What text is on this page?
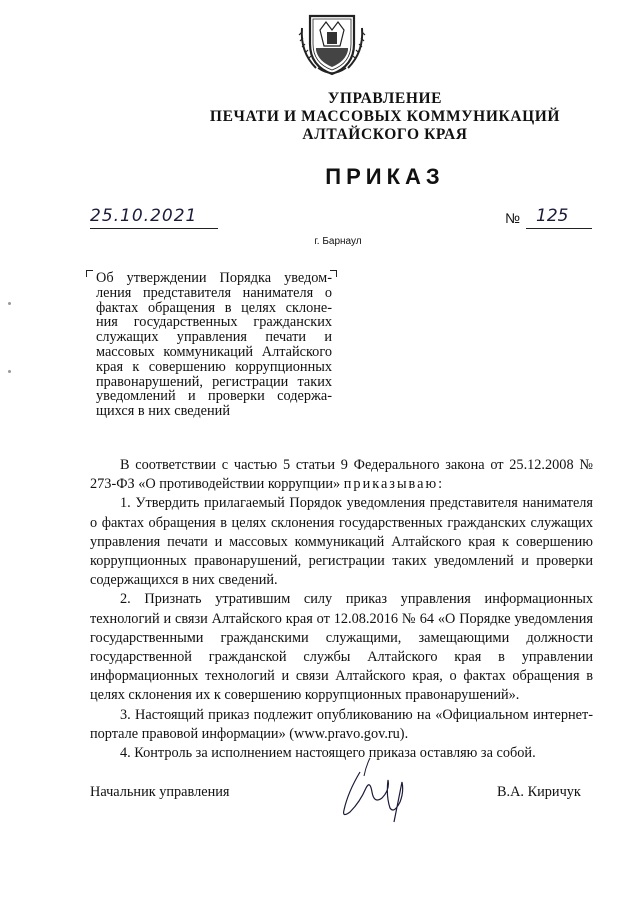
УПРАВЛЕНИЕ
ПЕЧАТИ И МАССОВЫХ КОММУНИКАЦИЙ
АЛТАЙСКОГО КРАЯ
ПРИКАЗ
25.10.2021	№ 125
г. Барнаул
Об утверждении Порядка уведом-
ления представителя нанимателя о
фактах обращения в целях склоне-
ния государственных гражданских
служащих управления печати и
массовых коммуникаций Алтайского
края к совершению коррупционных
правонарушений, регистрации таких
уведомлений и проверки содержа-
щихся в них сведений

В соответствии с частью 5 статьи 9 Федерального закона от 25.12.2008 № 273-ФЗ «О противодействии коррупции» приказываю:

1. Утвердить прилагаемый Порядок уведомления представителя нанимателя о фактах обращения в целях склонения государственных гражданских служащих управления печати и массовых коммуникаций Алтайского края к совершению коррупционных правонарушений, регистрации таких уведомлений и проверки содержащихся в них сведений.

2. Признать утратившим силу приказ управления информационных технологий и связи Алтайского края от 12.08.2016 № 64 «О Порядке уведомления государственными гражданскими служащими, замещающими должности государственной гражданской службы Алтайского края в управлении информационных технологий и связи Алтайского края, о фактах обращения в целях склонения их к совершению коррупционных правонарушений».

3. Настоящий приказ подлежит опубликованию на «Официальном интернет-портале правовой информации» (www.pravo.gov.ru).

4. Контроль за исполнением настоящего приказа оставляю за собой.

Начальник управления	В.А. Киричук
